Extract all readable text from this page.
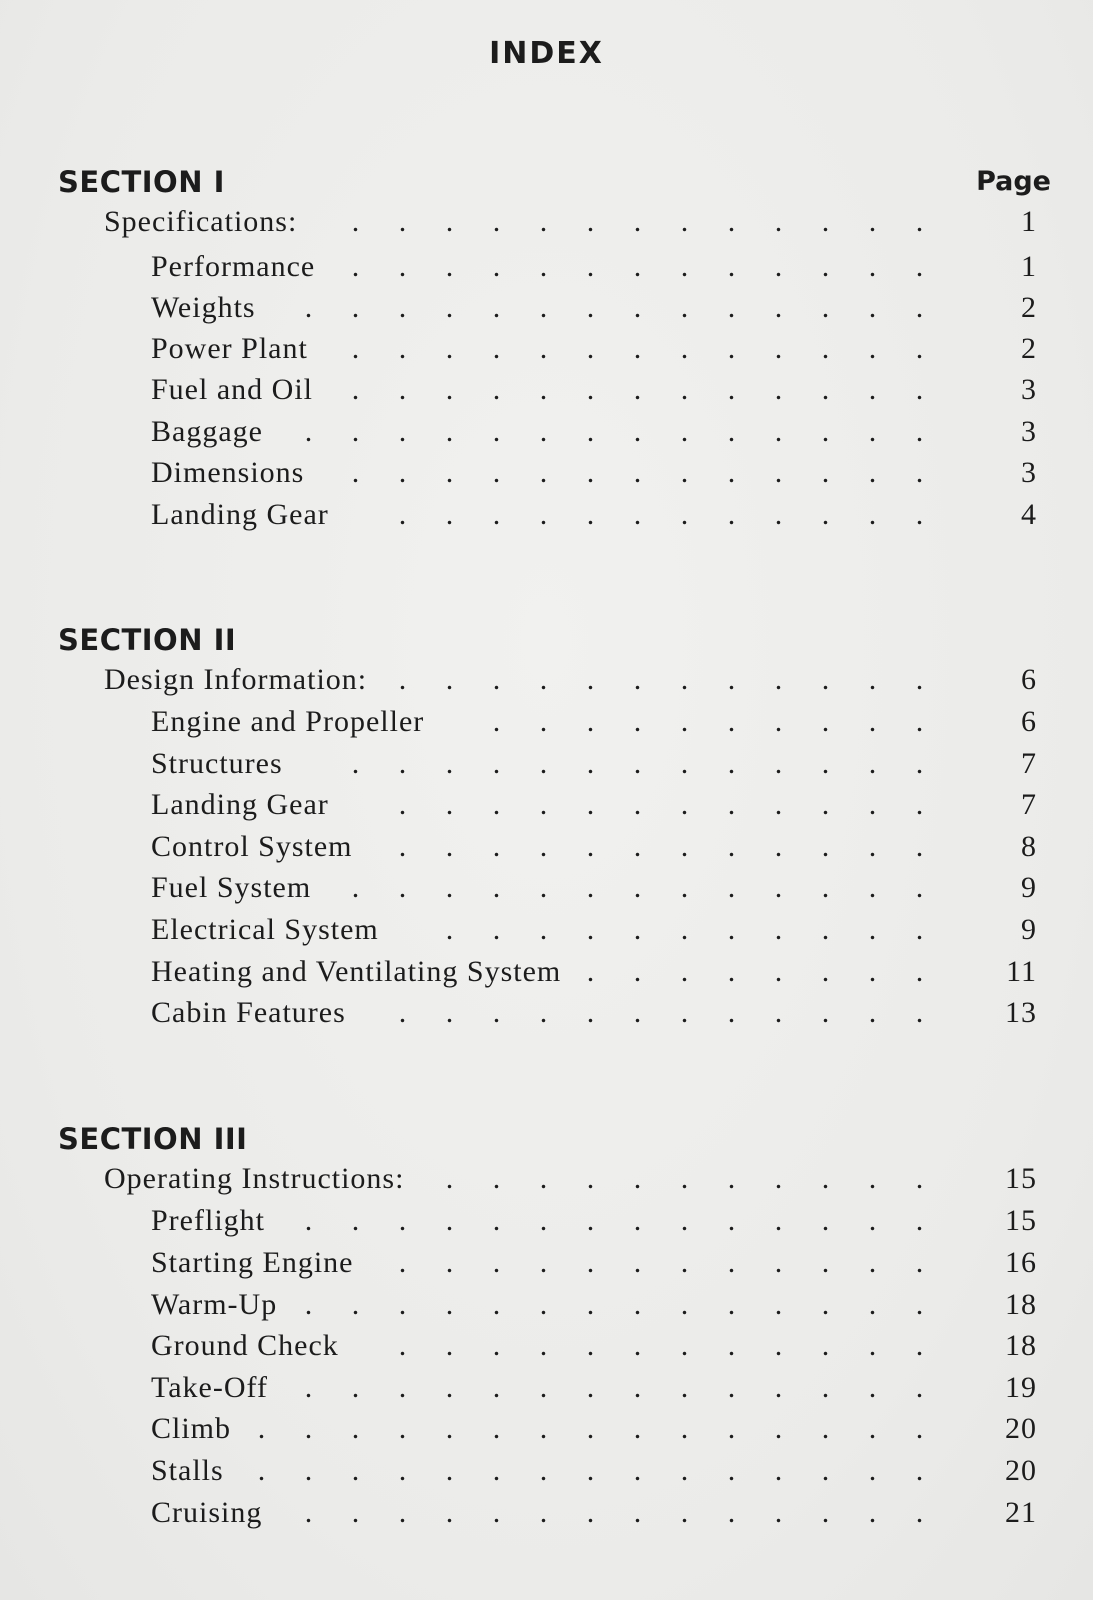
INDEX
Page
SECTION I
.............
Specifications:	1
.............
Performance	1
..............
Weights	2
.............
Power Plant	2
.............
Fuel and Oil	3
..............
Baggage	3
.............
Dimensions	3
............
Landing Gear	4
SECTION II
............
Design Information:	6
..........
Engine and Propeller	6
.............
Structures	7
............
Landing Gear	7
............
Control System	8
.............
Fuel System	9
...........
Electrical System	9
........
Heating and Ventilating System	11
............
Cabin Features	13
SECTION III
...........
Operating Instructions:	15
..............
Preflight	15
............
Starting Engine	16
..............
Warm-Up	18
............
Ground Check	18
..............
Take-Off	19
...............
Climb	20
...............
Stalls	20
..............
Cruising	21
